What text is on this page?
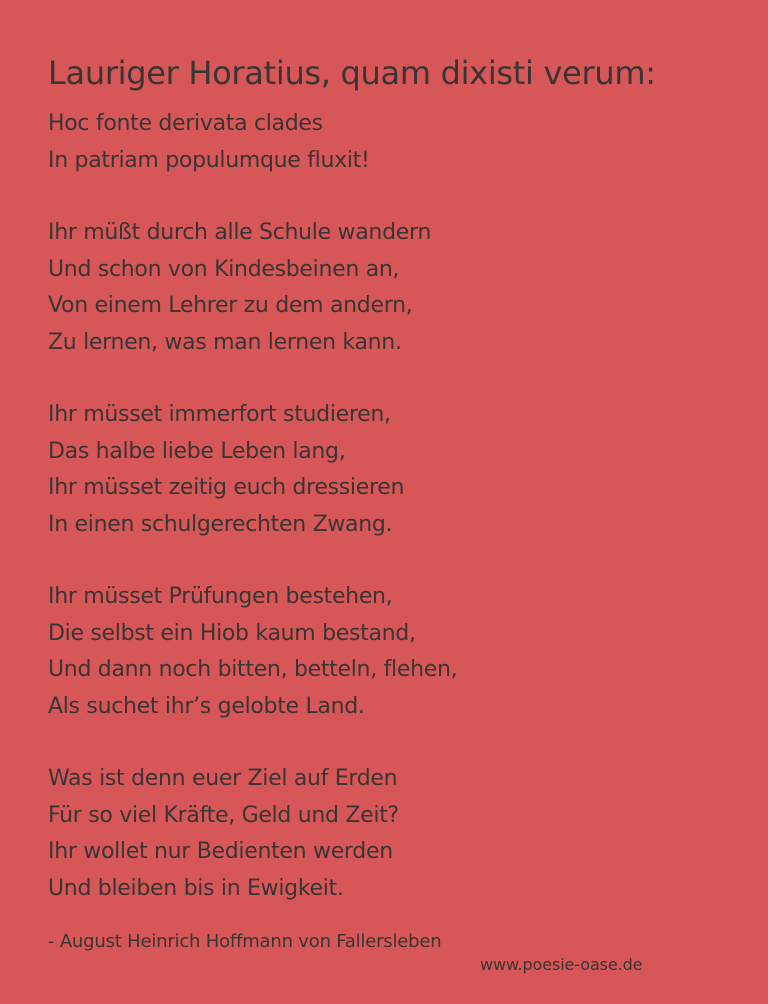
Lauriger Horatius, quam dixisti verum:
Hoc fonte derivata clades
In patriam populumque fluxit!
Ihr müßt durch alle Schule wandern
Und schon von Kindesbeinen an,
Von einem Lehrer zu dem andern,
Zu lernen, was man lernen kann.
Ihr müsset immerfort studieren,
Das halbe liebe Leben lang,
Ihr müsset zeitig euch dressieren
In einen schulgerechten Zwang.
Ihr müsset Prüfungen bestehen,
Die selbst ein Hiob kaum bestand,
Und dann noch bitten, betteln, flehen,
Als suchet ihr’s gelobte Land.
Was ist denn euer Ziel auf Erden
Für so viel Kräfte, Geld und Zeit?
Ihr wollet nur Bedienten werden
Und bleiben bis in Ewigkeit.
- August Heinrich Hoffmann von Fallersleben
www.poesie-oase.de
